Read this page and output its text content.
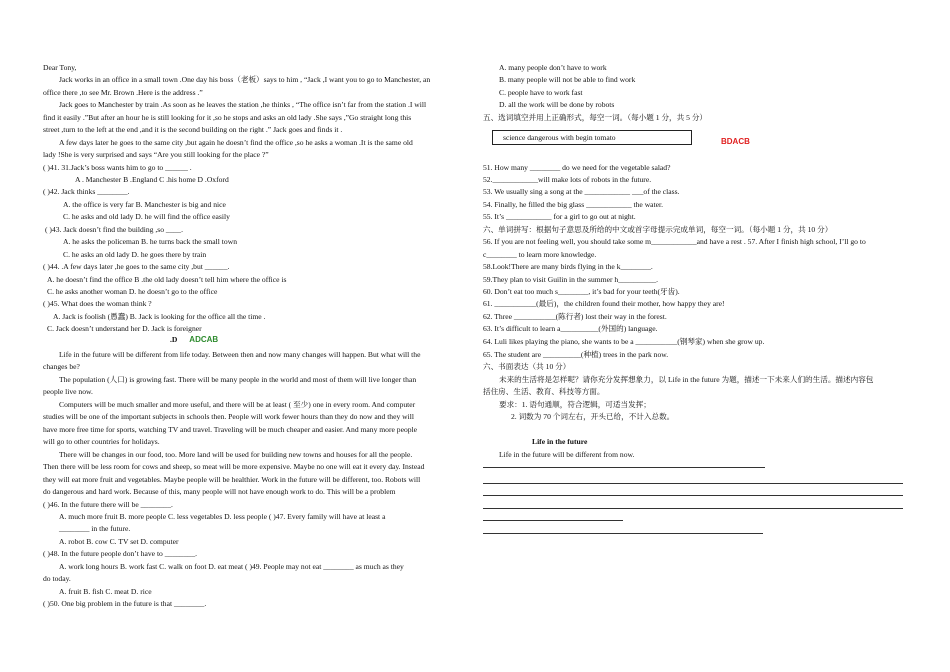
Dear Tony,
Jack works in an office in a small town .One day his boss（老板）says to him , “Jack ,I want you to go to Manchester, an
office there ,to see Mr. Brown .Here is the address .”
Jack goes to Manchester by train .As soon as he leaves the station ,he thinks , “The office isn’t far from the station .I will
find it easily .”But after an hour he is still looking for it ,so he stops and asks an old lady .She says ,”Go straight long this
street ,turn to the left at the end ,and it is the second building on the right .” Jack goes and finds it .
A few days later he goes to the same city ,but again he doesn’t find the office ,so he asks a woman .It is the same old
lady !She is very surprised and says “Are you still looking for the place ?”
( )41. 31.Jack’s boss wants him to go to ______ .
A . Manchester B .England C .his home D .Oxford
( )42. Jack thinks ________.
A. the office is very far B. Manchester is big and nice
C. he asks and old lady D. he will find the office easily
( )43. Jack doesn’t find the building ,so ____.
A. he asks the policeman B. he turns back the small town
C. he asks an old lady D. he goes there by train
( )44. .A few days later ,he goes to the same city ,but ______.
A. he doesn’t find the office B .the old lady doesn’t tell him where the office is
C. he asks another woman D. he doesn’t go to the office
( )45. What does the woman think ?
A. Jack is foolish (愚蠢) B. Jack is looking for the office all the time .
C. Jack doesn’t understand her D. Jack is foreigner
Life in the future will be different from life today. Between then and now many changes will happen. But what will the
changes be?
The population (人口) is growing fast. There will be many people in the world and most of them will live longer than
people live now.
Computers will be much smaller and more useful, and there will be at least ( 至少) one in every room. And computer
studies will be one of the important subjects in schools then. People will work fewer hours than they do now and they will
have more free time for sports, watching TV and travel. Traveling will be much cheaper and easier. And many more people
will go to other countries for holidays.
There will be changes in our food, too. More land will be used for building new towns and houses for all the people.
Then there will be less room for cows and sheep, so meat will be more expensive. Maybe no one will eat it every day. Instead
they will eat more fruit and vegetables. Maybe people will be healthier. Work in the future will be different, too. Robots will
do dangerous and hard work. Because of this, many people will not have enough work to do. This will be a problem
( )46. In the future there will be ________.
A. much more fruit B. more people C. less vegetables D. less people ( )47. Every family will have at least a
________ in the future.
A. robot B. cow C. TV set D. computer
( )48. In the future people don’t have to ________.
A. work long hours B. work fast C. walk on foot D. eat meat ( )49. People may not eat ________ as much as they
do today.
A. fruit B. fish C. meat D. rice
( )50. One big problem in the future is that ________.
A. many people don’t have to work
B. many people will not be able to find work
C. people have to work fast
D. all the work will be done by robots
五、选词填空并用上正确形式，每空一词。（每小题 1 分，共 5 分）
51. How many ________ do we need for the vegetable salad?
52.____________will make lots of robots in the future.
53. We usually sing a song at the ____________ ___of the class.
54. Finally, he filled the big glass ____________ the water.
55. It’s ____________ for a girl to go out at night.
六、单词拼写：根据句子意思及所给的中文或首字母提示完成单词，每空一词。（每小题 1 分，共 10 分）
56. If you are not feeling well, you should take some m____________and have a rest . 57. After I finish high school, I’ll go to
c________ to learn more knowledge.
58.Look!There are many birds flying in the k________.
59.They plan to visit Guilin in the summer h__________.
60. Don’t eat too much s________, it’s bad for your teeth(牙齿).
61. ___________(最后)，the children found their mother, how happy they are!
62. Three ___________(陈行者) lost their way in the forest.
63. It’s difficult to learn a__________(外国的) language.
64. Luli likes playing the piano, she wants to be a ___________(钢琴家) when she grow up.
65. The student are __________(种植) trees in the park now.
六、书面表达（共 10 分）
未来的生活将是怎样呢？请你充分发挥想象力，以 Life in the future 为题，描述一下未来人们的生活。描述内容包
括住房、生活、教育、科技等方面。
要求：1. 语句通顺，符合逻辑，可适当发挥；
2. 词数为 70 个词左右，开头已给，不计入总数。
Life in the future will be different from now.
.D ADCAB
science dangerous with begin tomato	BDACB
Life in the future
